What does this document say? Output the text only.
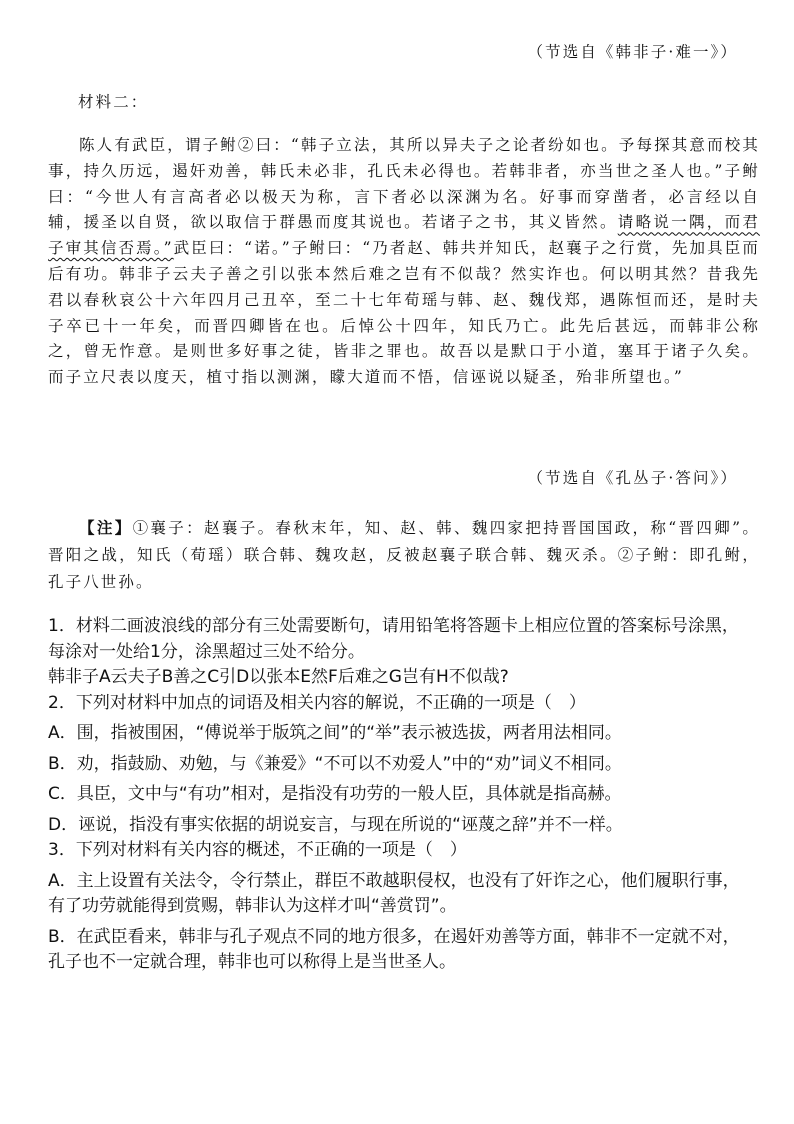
（节选自《韩非子·难一》）
材料二：
陈人有武臣，谓子鲋②曰：“韩子立法，其所以异夫子之论者纷如也。予每探其意而校其事，持久历远，遏奸劝善，韩氏未必非，孔氏未必得也。若韩非者，亦当世之圣人也。”子鲋曰：“今世人有言高者必以极天为称，言下者必以深渊为名。好事而穿凿者，必言经以自辅，援圣以自贤，欲以取信于群愚而度其说也。若诸子之书，其义皆然。请略说一隅，而君子审其信否焉。”武臣曰：“诺。”子鲋曰：“乃者赵、韩共并知氏，赵襄子之行赏，先加具臣而后有功。韩非子云夫子善之引以张本然后难之岂有不似哉？然实诈也。何以明其然？昔我先君以春秋哀公十六年四月己丑卒，至二十七年荀瑶与韩、赵、魏伐郑，遇陈恒而还，是时夫子卒已十一年矣，而晋四卿皆在也。后悼公十四年，知氏乃亡。此先后甚远，而韩非公称之，曾无怍意。是则世多好事之徒，皆非之罪也。故吾以是默口于小道，塞耳于诸子久矣。而子立尺表以度天，植寸指以测渊，矇大道而不悟，信诬说以疑圣，殆非所望也。”
（节选自《孔丛子·答问》）
【注】①襄子：赵襄子。春秋末年，知、赵、韩、魏四家把持晋国国政，称“晋四卿”。晋阳之战，知氏（荀瑶）联合韩、魏攻赵，反被赵襄子联合韩、魏灭杀。②子鲋：即孔鲋，孔子八世孙。

1．材料二画波浪线的部分有三处需要断句，请用铅笔将答题卡上相应位置的答案标号涂黑，每涂对一处给1分，涂黑超过三处不给分。

韩非子A云夫子B善之C引D以张本E然F后难之G岂有H不似哉?

2．下列对材料中加点的词语及相关内容的解说，不正确的一项是（　）

A．围，指被围困，“傅说举于版筑之间”的“举”表示被选拔，两者用法相同。

B．劝，指鼓励、劝勉，与《兼爱》“不可以不劝爱人”中的“劝”词义不相同。

C．具臣，文中与“有功”相对，是指没有功劳的一般人臣，具体就是指高赫。

D．诬说，指没有事实依据的胡说妄言，与现在所说的“诬蔑之辞”并不一样。

3．下列对材料有关内容的概述，不正确的一项是（　）

A．主上设置有关法令，令行禁止，群臣不敢越职侵权，也没有了奸诈之心，他们履职行事，有了功劳就能得到赏赐，韩非认为这样才叫“善赏罚”。

B．在武臣看来，韩非与孔子观点不同的地方很多，在遏奸劝善等方面，韩非不一定就不对，孔子也不一定就合理，韩非也可以称得上是当世圣人。
